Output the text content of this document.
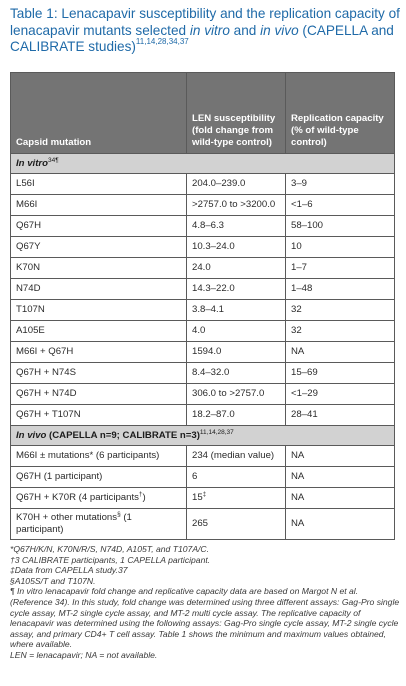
Table 1: Lenacapavir susceptibility and the replication capacity of lenacapavir mutants selected in vitro and in vivo (CAPELLA and CALIBRATE studies)$^{11,14,28,34,37}$
Capsid mutation	LEN susceptibility (fold change from wild-type control)	Replication capacity (% of wild-type control)
In vitro$^{34\P}$
L56I	204.0–239.0	3–9
M66I	>2757.0 to >3200.0	<1–6
Q67H	4.8–6.3	58–100
Q67Y	10.3–24.0	10
K70N	24.0	1–7
N74D	14.3–22.0	1–48
T107N	3.8–4.1	32
A105E	4.0	32
M66I + Q67H	1594.0	NA
Q67H + N74S	8.4–32.0	15–69
Q67H + N74D	306.0 to >2757.0	<1–29
Q67H + T107N	18.2–87.0	28–41
In vivo (CAPELLA n=9; CALIBRATE n=3)$^{11,14,28,37}$
M66I ± mutations* (6 participants)	234 (median value)	NA
Q67H (1 participant)	6	NA
Q67H + K70R (4 participants†)	15‡	NA
K70H + other mutations§ (1 participant)	265	NA

*Q67H/K/N, K70N/R/S, N74D, A105T, and T107A/C.

†3 CALIBRATE participants, 1 CAPELLA participant.

‡Data from CAPELLA study.37

§A105S/T and T107N.

¶ In vitro lenacapavir fold change and replicative capacity data are based on Margot N et al. (Reference 34). In this study, fold change was determined using three different assays: Gag-Pro single cycle assay, MT-2 single cycle assay, and MT-2 multi cycle assay. The replicative capacity of lenacapavir was determined using the following assays: Gag-Pro single cycle assay, MT-2 single cycle assay, and primary CD4+ T cell assay. Table 1 shows the minimum and maximum values obtained, where available.

LEN = lenacapavir; NA = not available.
